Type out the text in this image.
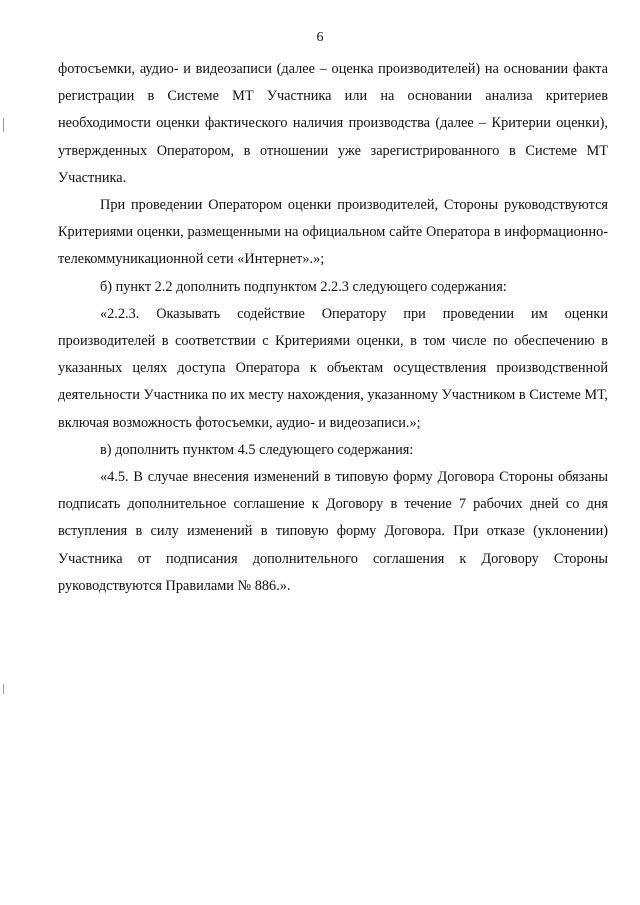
6

фотосъемки, аудио- и видеозаписи (далее – оценка производителей) на основании факта регистрации в Системе МТ Участника или на основании анализа критериев необходимости оценки фактического наличия производства (далее – Критерии оценки), утвержденных Оператором, в отношении уже зарегистрированного в Системе МТ Участника.

При проведении Оператором оценки производителей, Стороны руководствуются Критериями оценки, размещенными на официальном сайте Оператора в информационно-телекоммуникационной сети «Интернет».»;

б) пункт 2.2 дополнить подпунктом 2.2.3 следующего содержания:

«2.2.3. Оказывать содействие Оператору при проведении им оценки производителей в соответствии с Критериями оценки, в том числе по обеспечению в указанных целях доступа Оператора к объектам осуществления производственной деятельности Участника по их месту нахождения, указанному Участником в Системе МТ, включая возможность фотосъемки, аудио- и видеозаписи.»;

в) дополнить пунктом 4.5 следующего содержания:

«4.5. В случае внесения изменений в типовую форму Договора Стороны обязаны подписать дополнительное соглашение к Договору в течение 7 рабочих дней со дня вступления в силу изменений в типовую форму Договора. При отказе (уклонении) Участника от подписания дополнительного соглашения к Договору Стороны руководствуются Правилами № 886.».
